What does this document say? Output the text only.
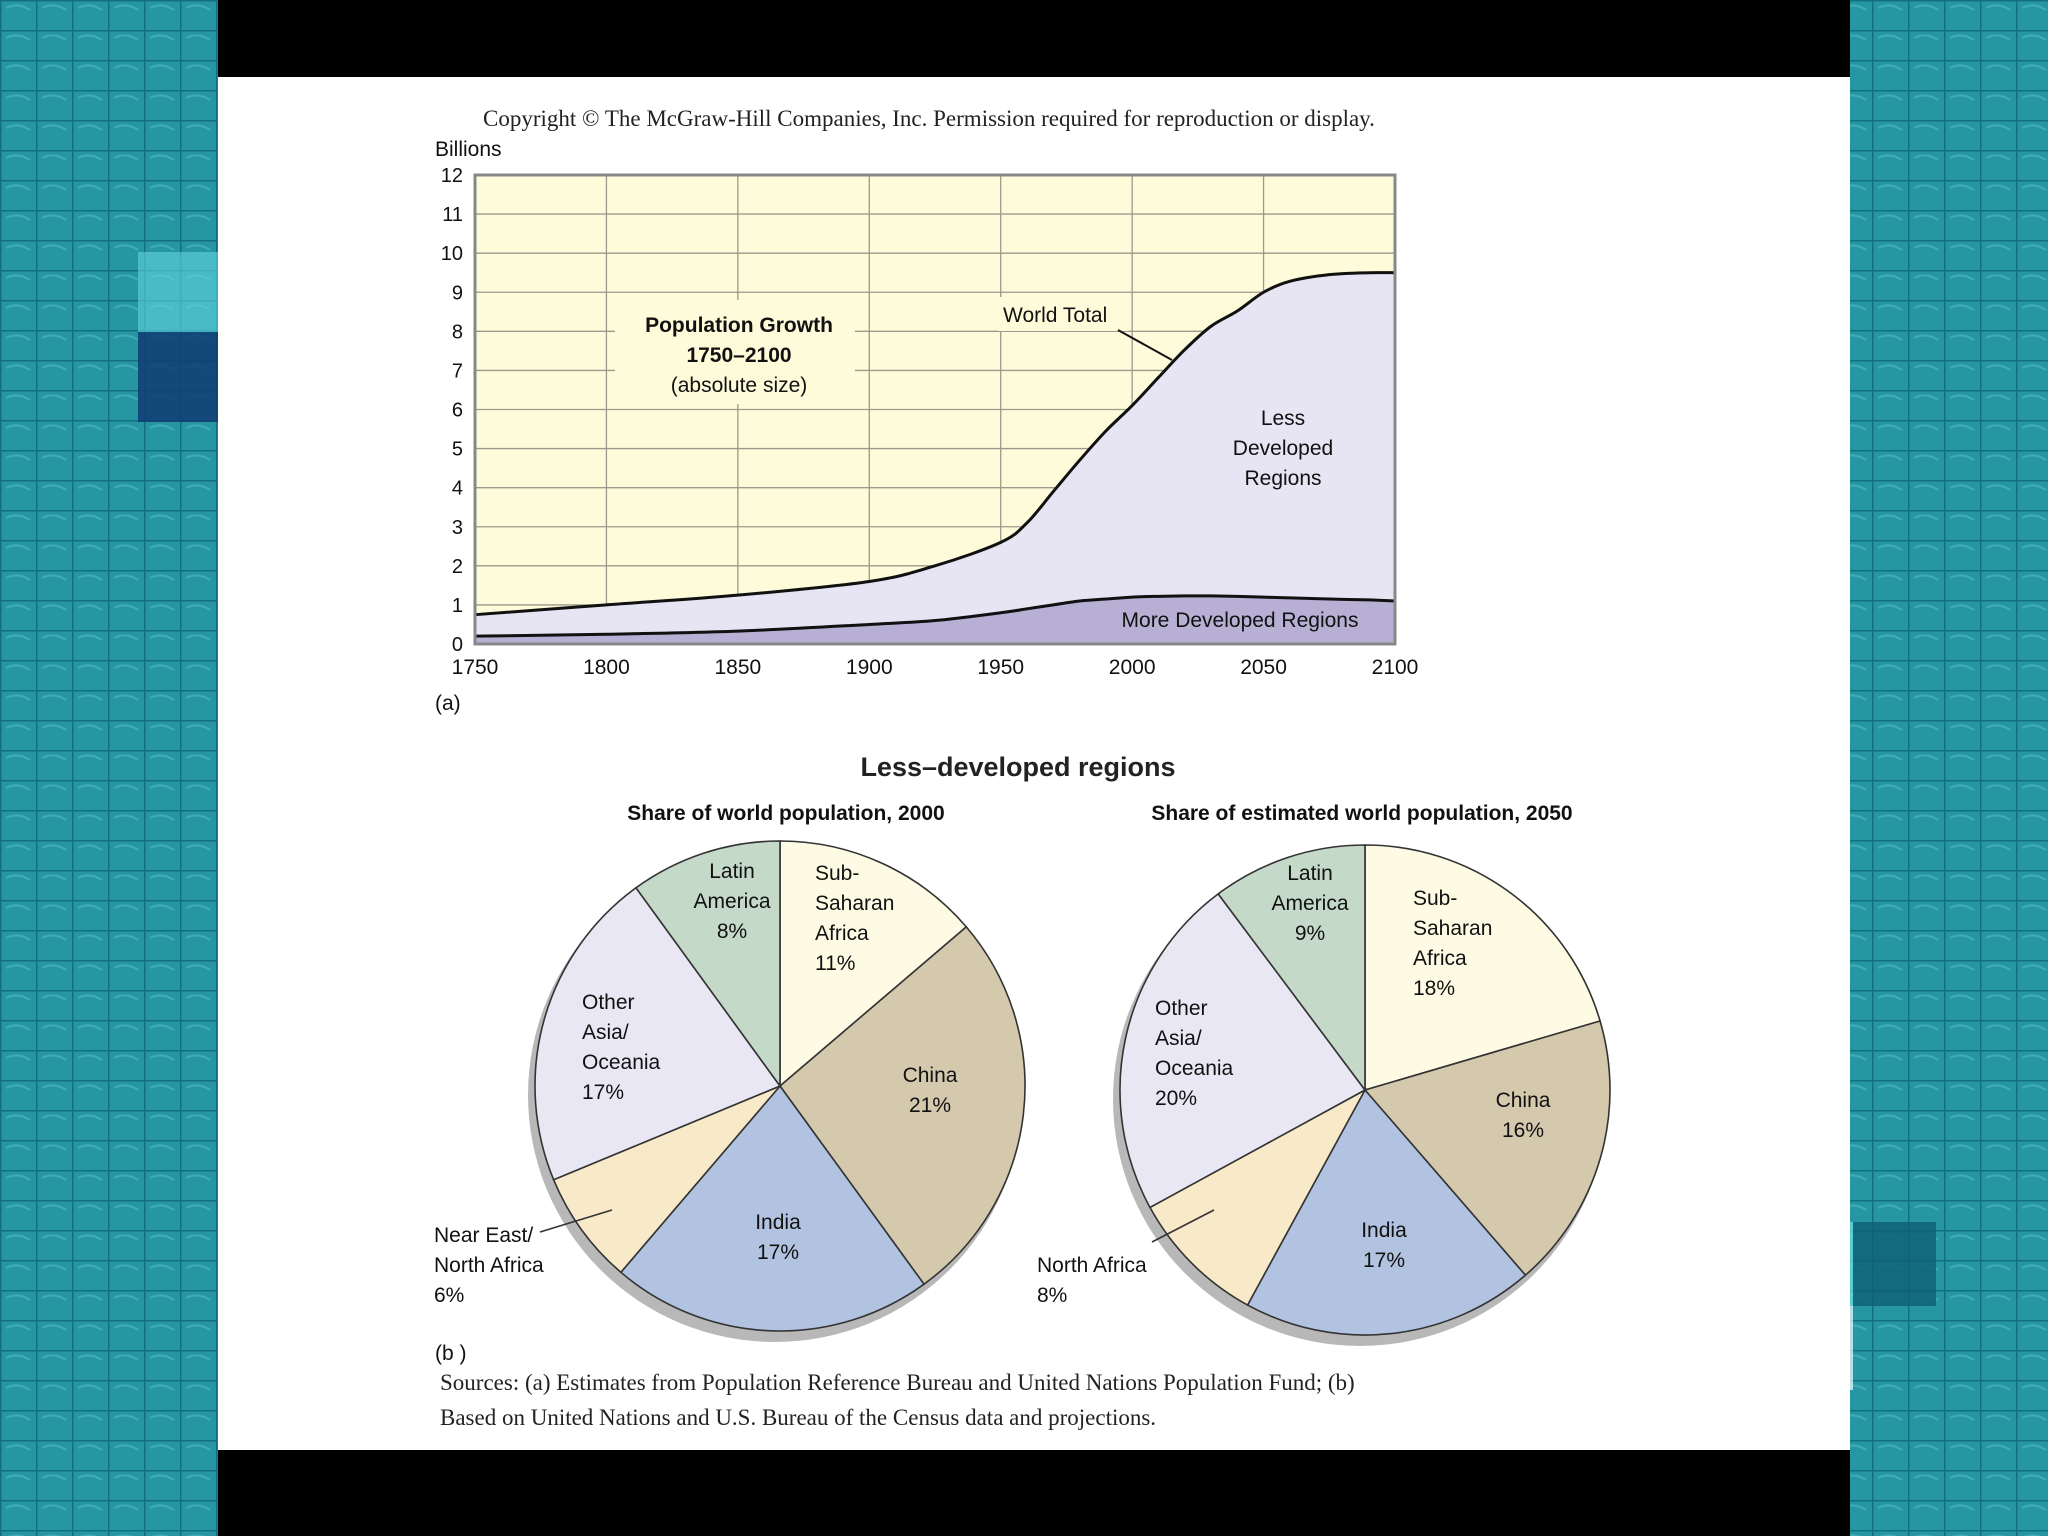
Copyright © The McGraw-Hill Companies, Inc. Permission required for reproduction or display.
0
1
2
3
4
5
6
7
8
9
10
11
12
1750	1800	1850	1900	1950	2000	2050	2100
Billions
(a)
Population Growth
1750–2100
(absolute size)
World Total
Less
Developed
Regions
More Developed Regions
Less–developed regions
Share of world population, 2000	Share of estimated world population, 2050
Sub-Saharan Africa 11%
China 21%
India 17%
Near East/ North Africa 6%
Other Asia/ Oceania 17%
Latin America 8%
Sub-Saharan Africa 18%
China 16%
India 17%
North Africa 8%
Other Asia/ Oceania 20%
Latin America 9%
(b )
Sources: (a) Estimates from Population Reference Bureau and United Nations Population Fund; (b)
Based on United Nations and U.S. Bureau of the Census data and projections.
